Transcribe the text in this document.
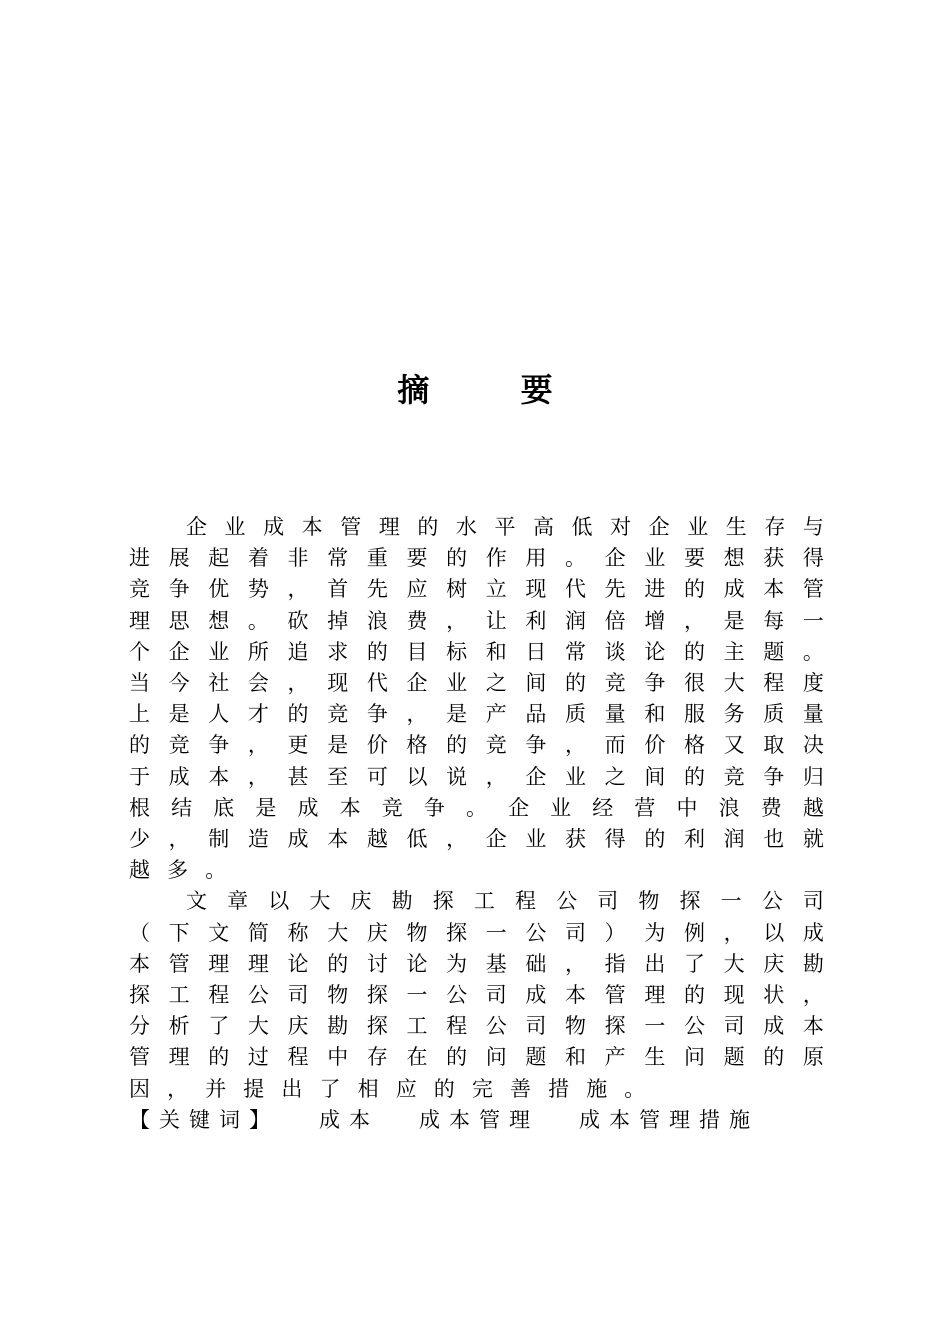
摘 要

企业成本管理的水平高低对企业生存与进展起着非常重要的作用。企业要想获得竞争优势，首先应树立现代先进的成本管理思想。砍掉浪费，让利润倍增，是每一个企业所追求的目标和日常谈论的主题。当今社会，现代企业之间的竞争很大程度上是人才的竞争，是产品质量和服务质量的竞争，更是价格的竞争，而价格又取决于成本，甚至可以说，企业之间的竞争归根结底是成本竞争。企业经营中浪费越少，制造成本越低，企业获得的利润也就越多。

文章以大庆勘探工程公司物探一公司（下文简称大庆物探一公司）为例，以成本管理理论的讨论为基础，指出了大庆勘探工程公司物探一公司成本管理的现状，分析了大庆勘探工程公司物探一公司成本管理的过程中存在的问题和产生问题的原因，并提出了相应的完善措施。

【关键词】 成本 成本管理 成本管理措施
